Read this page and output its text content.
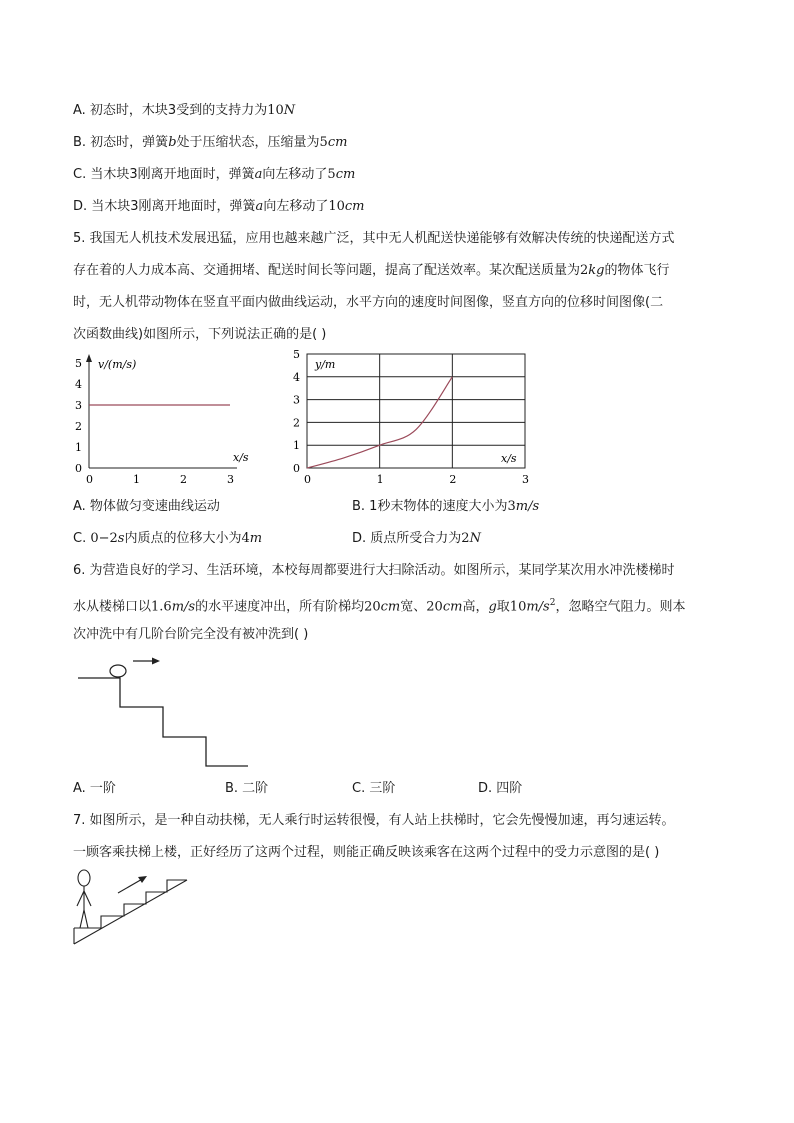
A. 初态时，木块3受到的支持力为10N
B. 初态时，弹簧b处于压缩状态，压缩量为5cm
C. 当木块3刚离开地面时，弹簧a向左移动了5cm
D. 当木块3刚离开地面时，弹簧a向左移动了10cm
5. 我国无人机技术发展迅猛，应用也越来越广泛，其中无人机配送快递能够有效解决传统的快递配送方式
存在着的人力成本高、交通拥堵、配送时间长等问题，提高了配送效率。某次配送质量为2kg的物体飞行
时，无人机带动物体在竖直平面内做曲线运动，水平方向的速度时间图像，竖直方向的位移时间图像(二
次函数曲线)如图所示，下列说法正确的是( )
0
1
2
3
4
5
0	1	2	3
v/(m/s)
x/s
0
1
2
3
4
5
0	1	2	3
y/m
x/s
A. 物体做匀变速曲线运动	B. 1秒末物体的速度大小为3m/s
C. 0−2s内质点的位移大小为4m	D. 质点所受合力为2N
6. 为营造良好的学习、生活环境，本校每周都要进行大扫除活动。如图所示，某同学某次用水冲洗楼梯时
水从楼梯口以1.6m/s的水平速度冲出，所有阶梯均20cm宽、20cm高，g取$10m/s^2$，忽略空气阻力。则本
次冲洗中有几阶台阶完全没有被冲洗到( )
A. 一阶	B. 二阶	C. 三阶	D. 四阶
7. 如图所示，是一种自动扶梯，无人乘行时运转很慢，有人站上扶梯时，它会先慢慢加速，再匀速运转。
一顾客乘扶梯上楼，正好经历了这两个过程，则能正确反映该乘客在这两个过程中的受力示意图的是( )
